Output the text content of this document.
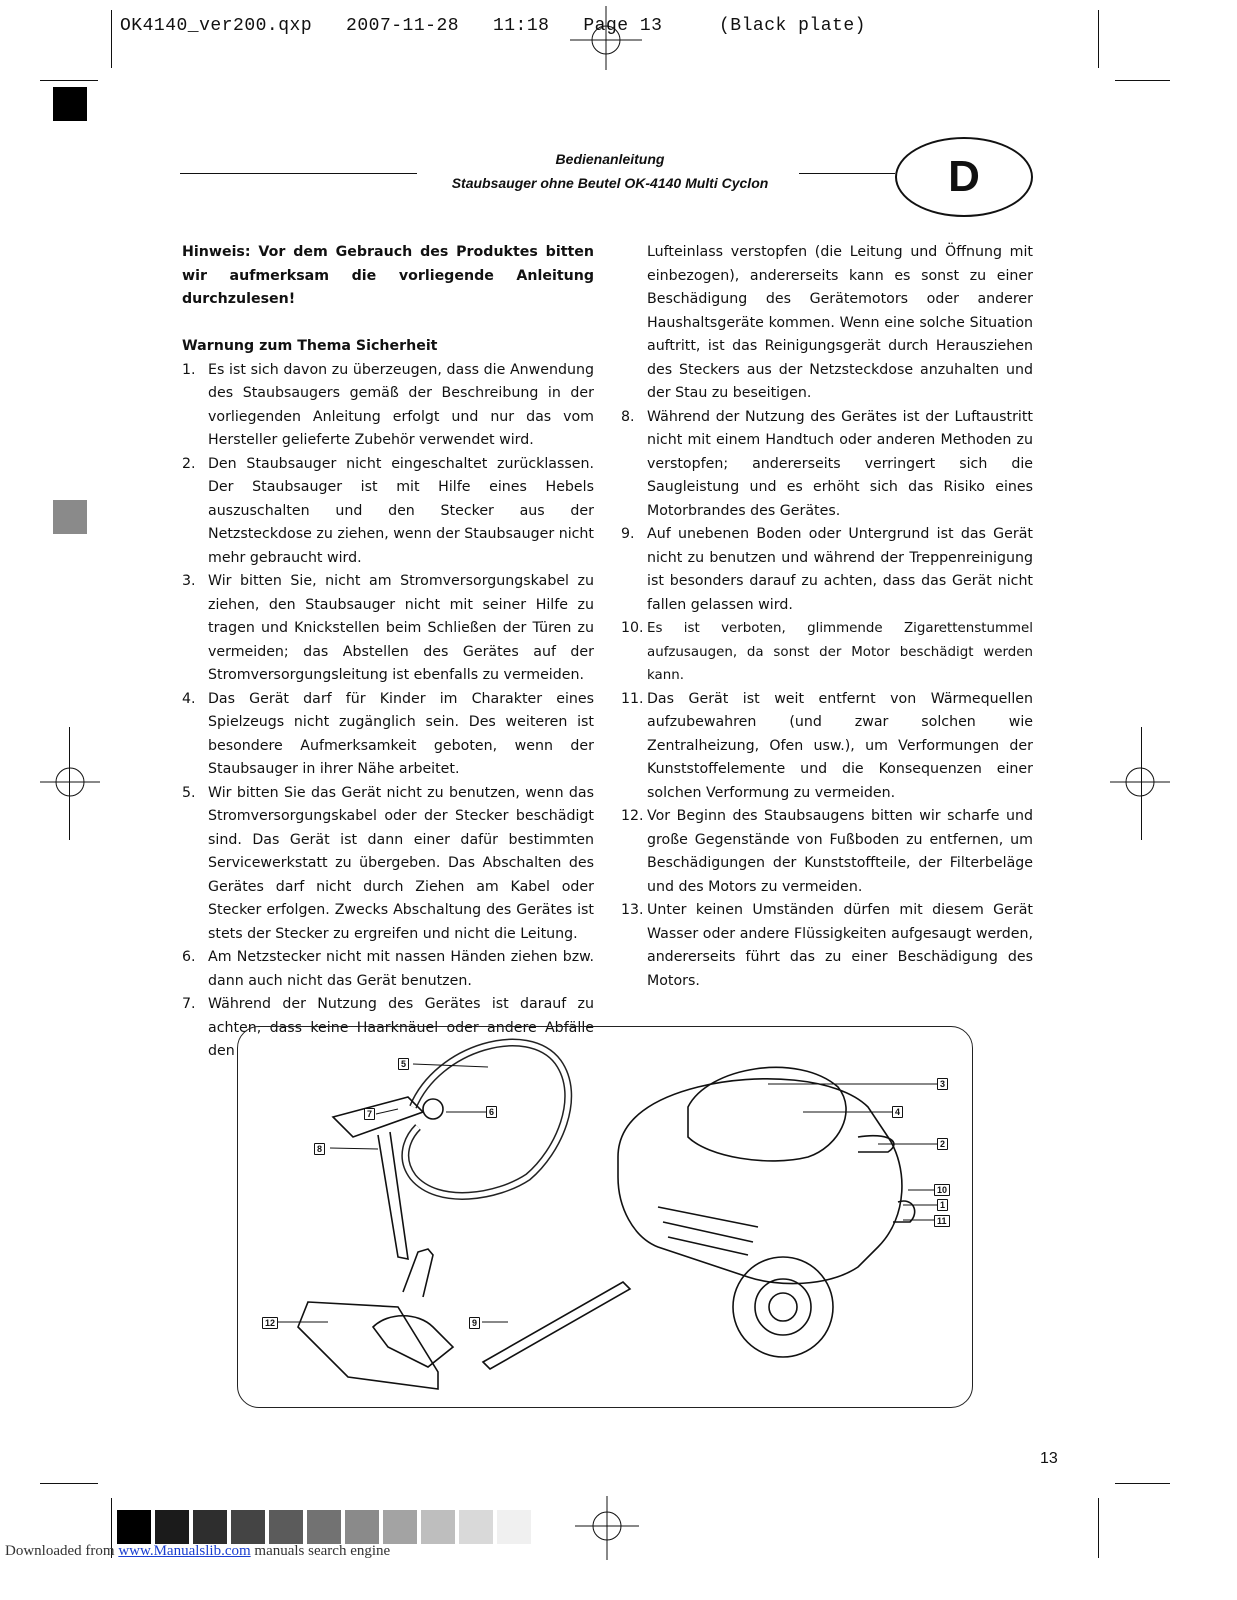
OK4140_ver200.qxp   2007-11-28   11:18   Page 13     (Black plate)
Bedienanleitung
Staubsauger ohne Beutel OK-4140 Multi Cyclon	D

Hinweis: Vor dem Gebrauch des Produktes bitten wir aufmerksam die vorliegende Anleitung durchzulesen!

Warnung zum Thema Sicherheit

1. Es ist sich davon zu überzeugen, dass die Anwendung des Staubsaugers gemäß der Beschreibung in der vorliegenden Anleitung erfolgt und nur das vom Hersteller gelieferte Zubehör verwendet wird.
2. Den Staubsauger nicht eingeschaltet zurücklassen. Der Staubsauger ist mit Hilfe eines Hebels auszuschalten und den Stecker aus der Netzsteckdose zu ziehen, wenn der Staubsauger nicht mehr gebraucht wird.
3. Wir bitten Sie, nicht am Stromversorgungskabel zu ziehen, den Staubsauger nicht mit seiner Hilfe zu tragen und Knickstellen beim Schließen der Türen zu vermeiden; das Abstellen des Gerätes auf der Stromversorgungsleitung ist ebenfalls zu vermeiden.
4. Das Gerät darf für Kinder im Charakter eines Spielzeugs nicht zugänglich sein. Des weiteren ist besondere Aufmerksamkeit geboten, wenn der Staubsauger in ihrer Nähe arbeitet.
5. Wir bitten Sie das Gerät nicht zu benutzen, wenn das Stromversorgungskabel oder der Stecker beschädigt sind. Das Gerät ist dann einer dafür bestimmten Servicewerkstatt zu übergeben. Das Abschalten des Gerätes darf nicht durch Ziehen am Kabel oder Stecker erfolgen. Zwecks Abschaltung des Gerätes ist stets der Stecker zu ergreifen und nicht die Leitung.
6. Am Netzstecker nicht mit nassen Händen ziehen bzw. dann auch nicht das Gerät benutzen.
7. Während der Nutzung des Gerätes ist darauf zu achten, dass keine Haarknäuel oder andere Abfälle den
Lufteinlass verstopfen (die Leitung und Öffnung mit einbezogen), andererseits kann es sonst zu einer Beschädigung des Gerätemotors oder anderer Haushaltsgeräte kommen. Wenn eine solche Situation auftritt, ist das Reinigungsgerät durch Herausziehen des Steckers aus der Netzsteckdose anzuhalten und der Stau zu beseitigen.
8. Während der Nutzung des Gerätes ist der Luftaustritt nicht mit einem Handtuch oder anderen Methoden zu verstopfen; andererseits verringert sich die Saugleistung und es erhöht sich das Risiko eines Motorbrandes des Gerätes.
9. Auf unebenen Boden oder Untergrund ist das Gerät nicht zu benutzen und während der Treppenreinigung ist besonders darauf zu achten, dass das Gerät nicht fallen gelassen wird.
10. Es ist verboten, glimmende Zigarettenstummel aufzusaugen, da sonst der Motor beschädigt werden kann.
11. Das Gerät ist weit entfernt von Wärmequellen aufzubewahren (und zwar solchen wie Zentralheizung, Ofen usw.), um Verformungen der Kunststoffelemente und die Konsequenzen einer solchen Verformung zu vermeiden.
12. Vor Beginn des Staubsaugens bitten wir scharfe und große Gegenstände von Fußboden zu entfernen, um Beschädigungen der Kunststoffteile, der Filterbeläge und des Motors zu vermeiden.
13. Unter keinen Umständen dürfen mit diesem Gerät Wasser oder andere Flüssigkeiten aufgesaugt werden, andererseits führt das zu einer Beschädigung des Motors.
5
7	6
8
12	9
3
4
2
10
1
11
13
Downloaded from www.Manualslib.com manuals search engine
